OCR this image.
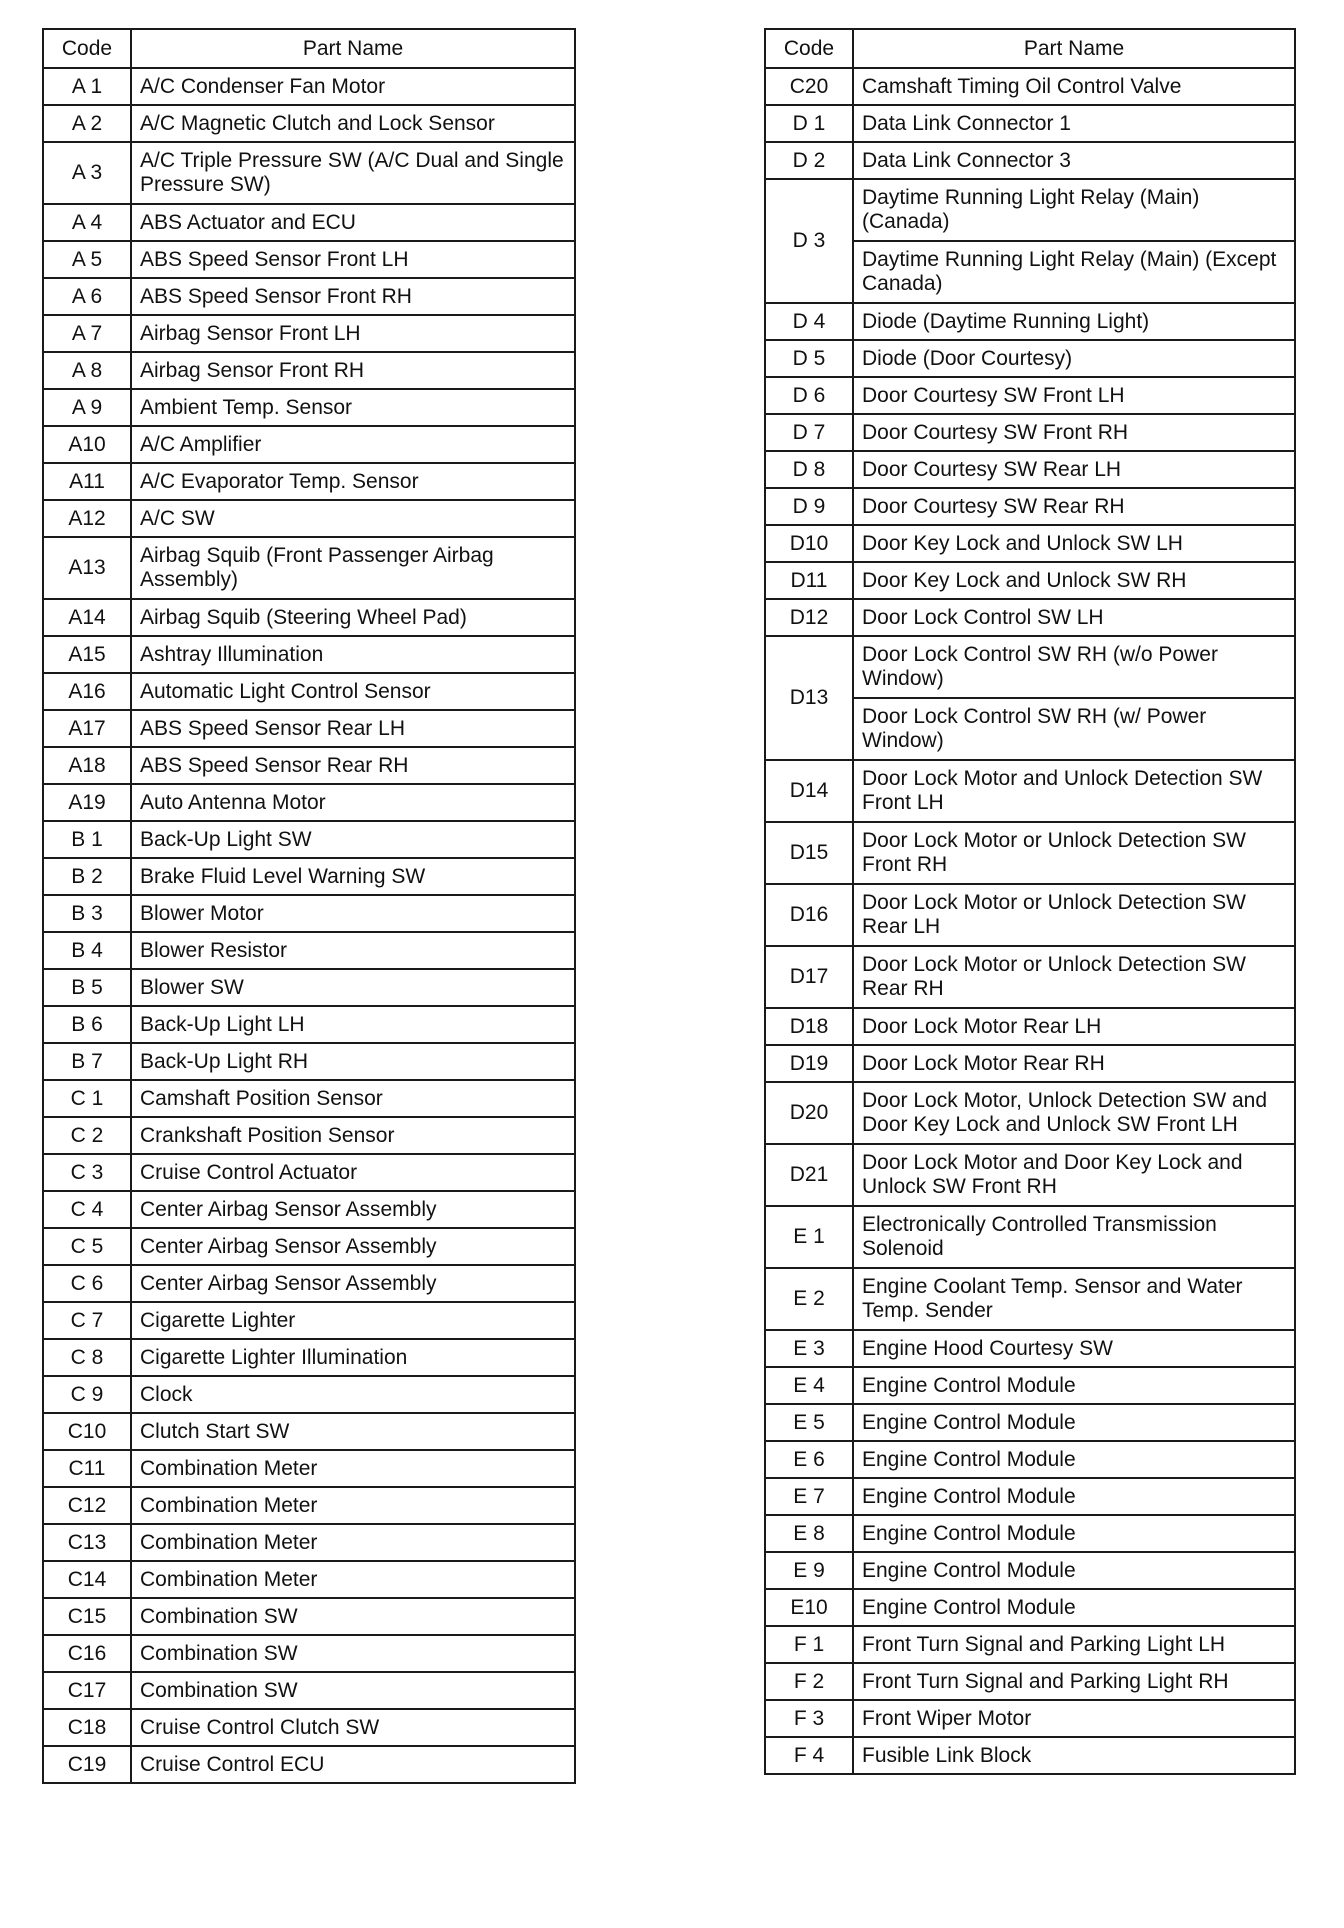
Code	Part Name
A 1	A/C Condenser Fan Motor
A 2	A/C Magnetic Clutch and Lock Sensor
A 3	A/C Triple Pressure SW (A/C Dual and Single Pressure SW)
A 4	ABS Actuator and ECU
A 5	ABS Speed Sensor Front LH
A 6	ABS Speed Sensor Front RH
A 7	Airbag Sensor Front LH
A 8	Airbag Sensor Front RH
A 9	Ambient Temp. Sensor
A10	A/C Amplifier
A11	A/C Evaporator Temp. Sensor
A12	A/C SW
A13	Airbag Squib (Front Passenger Airbag Assembly)
A14	Airbag Squib (Steering Wheel Pad)
A15	Ashtray Illumination
A16	Automatic Light Control Sensor
A17	ABS Speed Sensor Rear LH
A18	ABS Speed Sensor Rear RH
A19	Auto Antenna Motor
B 1	Back-Up Light SW
B 2	Brake Fluid Level Warning SW
B 3	Blower Motor
B 4	Blower Resistor
B 5	Blower SW
B 6	Back-Up Light LH
B 7	Back-Up Light RH
C 1	Camshaft Position Sensor
C 2	Crankshaft Position Sensor
C 3	Cruise Control Actuator
C 4	Center Airbag Sensor Assembly
C 5	Center Airbag Sensor Assembly
C 6	Center Airbag Sensor Assembly
C 7	Cigarette Lighter
C 8	Cigarette Lighter Illumination
C 9	Clock
C10	Clutch Start SW
C11	Combination Meter
C12	Combination Meter
C13	Combination Meter
C14	Combination Meter
C15	Combination SW
C16	Combination SW
C17	Combination SW
C18	Cruise Control Clutch SW
C19	Cruise Control ECU
Code	Part Name
C20	Camshaft Timing Oil Control Valve
D 1	Data Link Connector 1
D 2	Data Link Connector 3
D 3	Daytime Running Light Relay (Main) (Canada)
	Daytime Running Light Relay (Main) (Except Canada)
D 4	Diode (Daytime Running Light)
D 5	Diode (Door Courtesy)
D 6	Door Courtesy SW Front LH
D 7	Door Courtesy SW Front RH
D 8	Door Courtesy SW Rear LH
D 9	Door Courtesy SW Rear RH
D10	Door Key Lock and Unlock SW LH
D11	Door Key Lock and Unlock SW RH
D12	Door Lock Control SW LH
D13	Door Lock Control SW RH (w/o Power Window)
	Door Lock Control SW RH (w/ Power Window)
D14	Door Lock Motor and Unlock Detection SW Front LH
D15	Door Lock Motor or Unlock Detection SW Front RH
D16	Door Lock Motor or Unlock Detection SW Rear LH
D17	Door Lock Motor or Unlock Detection SW Rear RH
D18	Door Lock Motor Rear LH
D19	Door Lock Motor Rear RH
D20	Door Lock Motor, Unlock Detection SW and Door Key Lock and Unlock SW Front LH
D21	Door Lock Motor and Door Key Lock and Unlock SW Front RH
E 1	Electronically Controlled Transmission Solenoid
E 2	Engine Coolant Temp. Sensor and Water Temp. Sender
E 3	Engine Hood Courtesy SW
E 4	Engine Control Module
E 5	Engine Control Module
E 6	Engine Control Module
E 7	Engine Control Module
E 8	Engine Control Module
E 9	Engine Control Module
E10	Engine Control Module
F 1	Front Turn Signal and Parking Light LH
F 2	Front Turn Signal and Parking Light RH
F 3	Front Wiper Motor
F 4	Fusible Link Block
